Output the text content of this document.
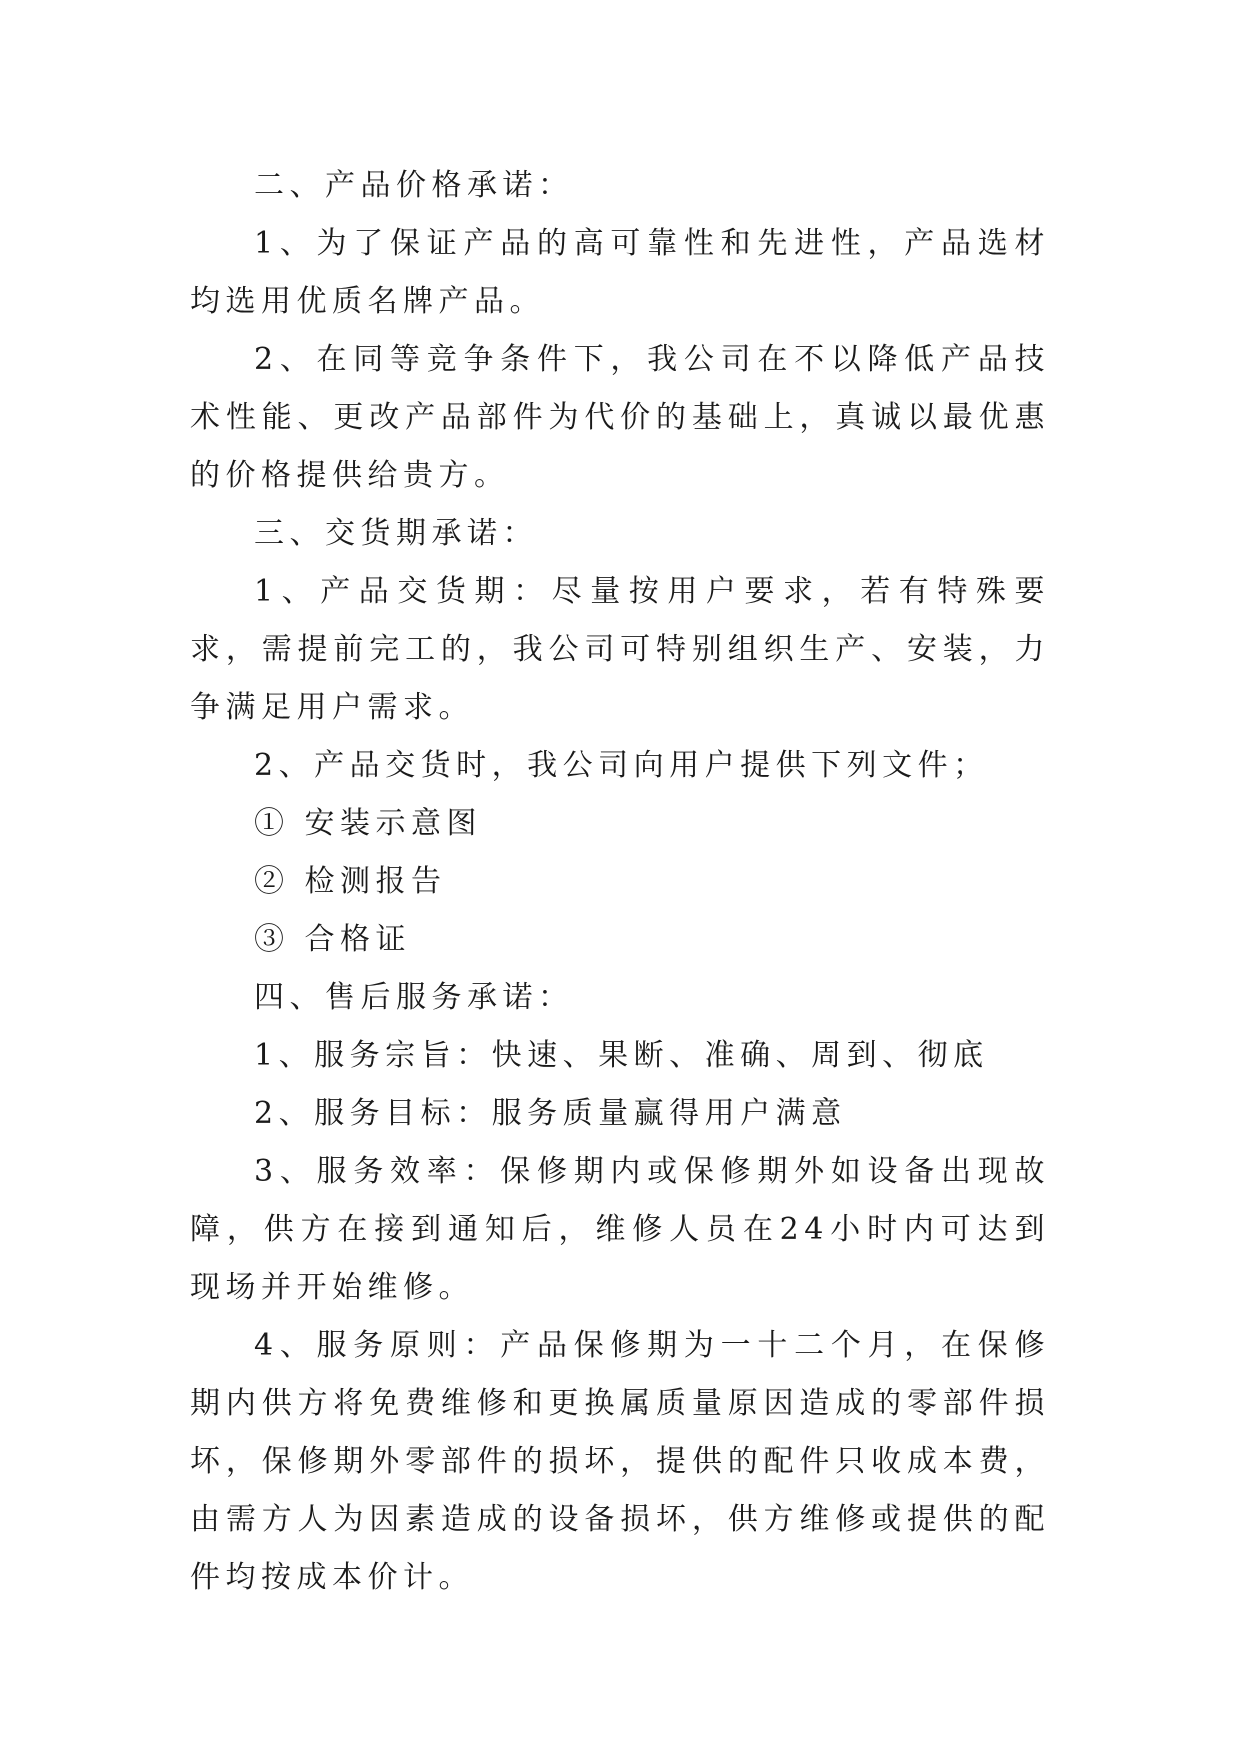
二、产品价格承诺：

1、为了保证产品的高可靠性和先进性，产品选材均选用优质名牌产品。

2、在同等竞争条件下，我公司在不以降低产品技术性能、更改产品部件为代价的基础上，真诚以最优惠的价格提供给贵方。

三、交货期承诺：

1、产品交货期：尽量按用户要求，若有特殊要求，需提前完工的，我公司可特别组织生产、安装，力争满足用户需求。

2、产品交货时，我公司向用户提供下列文件；

① 安装示意图

② 检测报告

③ 合格证

四、售后服务承诺：

1、服务宗旨：快速、果断、准确、周到、彻底

2、服务目标：服务质量赢得用户满意

3、服务效率：保修期内或保修期外如设备出现故障，供方在接到通知后，维修人员在24小时内可达到现场并开始维修。

4、服务原则：产品保修期为一十二个月，在保修期内供方将免费维修和更换属质量原因造成的零部件损坏，保修期外零部件的损坏，提供的配件只收成本费，由需方人为因素造成的设备损坏，供方维修或提供的配件均按成本价计。
